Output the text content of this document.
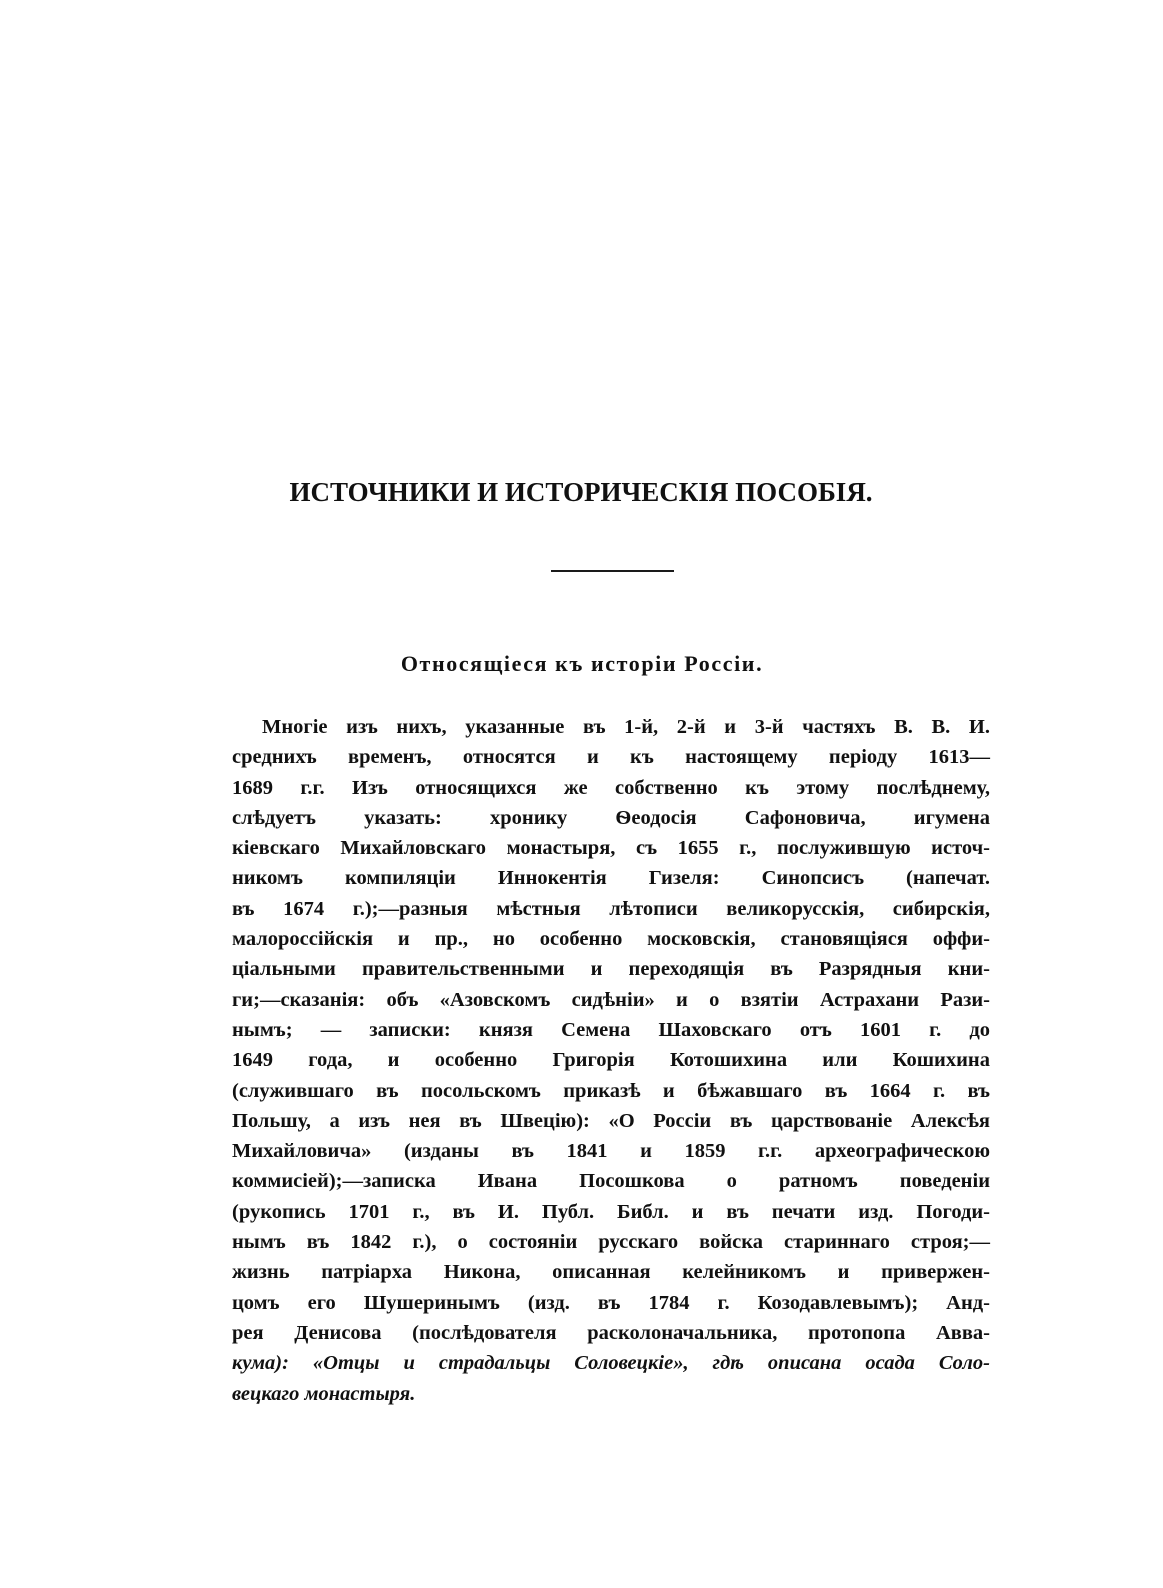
ИСТОЧНИКИ И ИСТОРИЧЕСКІЯ ПОСОБІЯ.
Относящіеся къ исторіи Россіи.
Многіе изъ нихъ, указанные въ 1-й, 2-й и 3-й частяхъ В. В. И.
среднихъ временъ, относятся и къ настоящему періоду 1613—
1689 г.г. Изъ относящихся же собственно къ этому послѣднему,
слѣдуетъ указать: хронику Ѳеодосія Сафоновича, игумена
кіевскаго Михайловскаго монастыря, съ 1655 г., послужившую источ-
никомъ компиляціи Иннокентія Гизеля: Синопсисъ (напечат.
въ 1674 г.);—разныя мѣстныя лѣтописи великорусскія, сибирскія,
малороссійскія и пр., но особенно московскія, становящіяся оффи-
ціальными правительственными и переходящія въ Разрядныя кни-
ги;—сказанія: объ «Азовскомъ сидѣніи» и о взятіи Астрахани Рази-
нымъ; — записки: князя Семена Шаховскаго отъ 1601 г. до
1649 года, и особенно Григорія Котошихина или Кошихина
(служившаго въ посольскомъ приказѣ и бѣжавшаго въ 1664 г. въ
Польшу, а изъ нея въ Швецію): «О Россіи въ царствованіе Алексѣя
Михайловича» (изданы въ 1841 и 1859 г.г. археографическою
коммисіей);—записка Ивана Посошкова о ратномъ поведеніи
(рукопись 1701 г., въ И. Публ. Библ. и въ печати изд. Погоди-
нымъ въ 1842 г.), о состояніи русскаго войска стариннаго строя;—
жизнь патріарха Никона, описанная келейникомъ и привержен-
цомъ его Шушеринымъ (изд. въ 1784 г. Козодавлевымъ); Анд-
рея Денисова (послѣдователя расколоначальника, протопопа Авва-
кума): «Отцы и страдальцы Соловецкіе», гдѣ описана осада Соло-
вецкаго монастыря.
